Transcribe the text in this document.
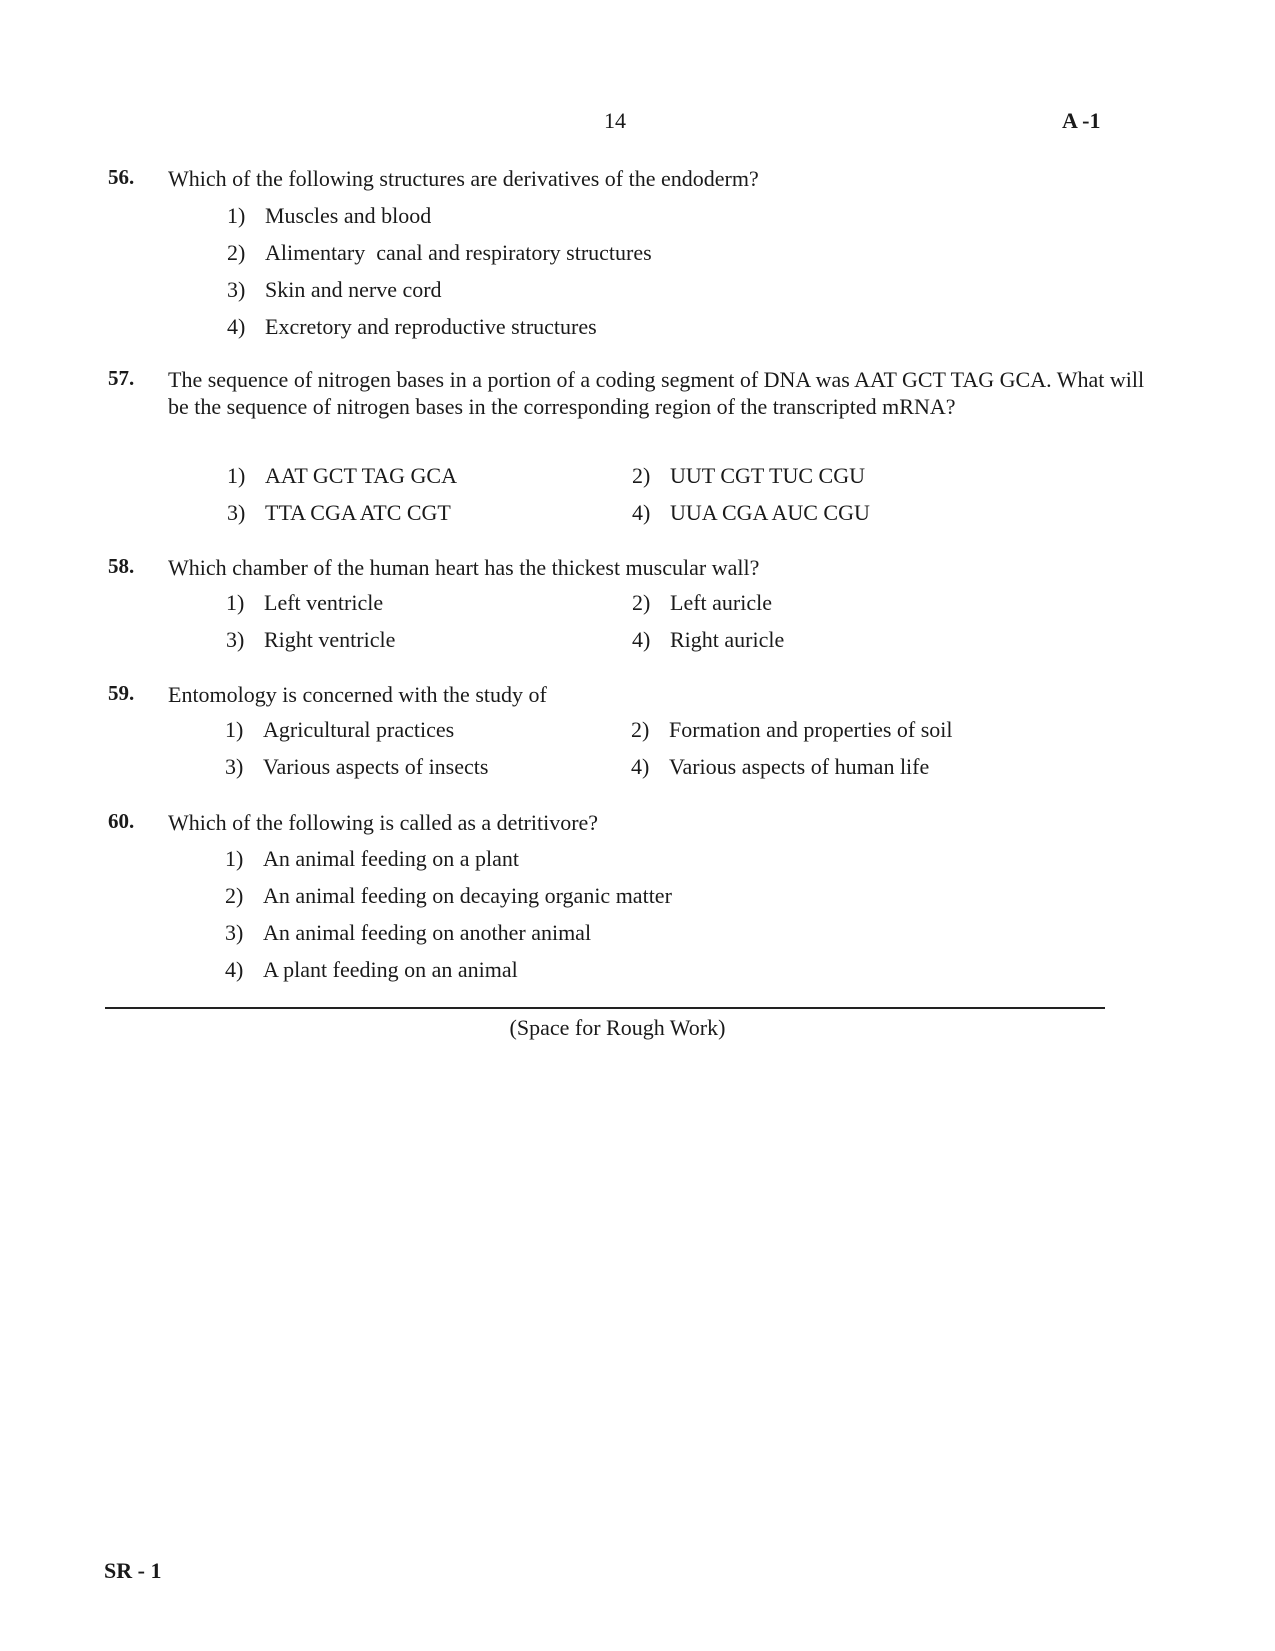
14	A -1
56. Which of the following structures are derivatives of the endoderm?
1) Muscles and blood
2) Alimentary  canal and respiratory structures
3) Skin and nerve cord
4) Excretory and reproductive structures
57. The sequence of nitrogen bases in a portion of a coding segment of DNA was AAT GCT TAG GCA. What will be the sequence of nitrogen bases in the corresponding region of the transcripted mRNA?
1) AAT GCT TAG GCA	2) UUT CGT TUC CGU
3) TTA CGA ATC CGT	4) UUA CGA AUC CGU
58. Which chamber of the human heart has the thickest muscular wall?
1) Left ventricle	2) Left auricle
3) Right ventricle	4) Right auricle
59. Entomology is concerned with the study of
1) Agricultural practices	2) Formation and properties of soil
3) Various aspects of insects	4) Various aspects of human life
60. Which of the following is called as a detritivore?
1) An animal feeding on a plant
2) An animal feeding on decaying organic matter
3) An animal feeding on another animal
4) A plant feeding on an animal
(Space for Rough Work)
SR - 1
